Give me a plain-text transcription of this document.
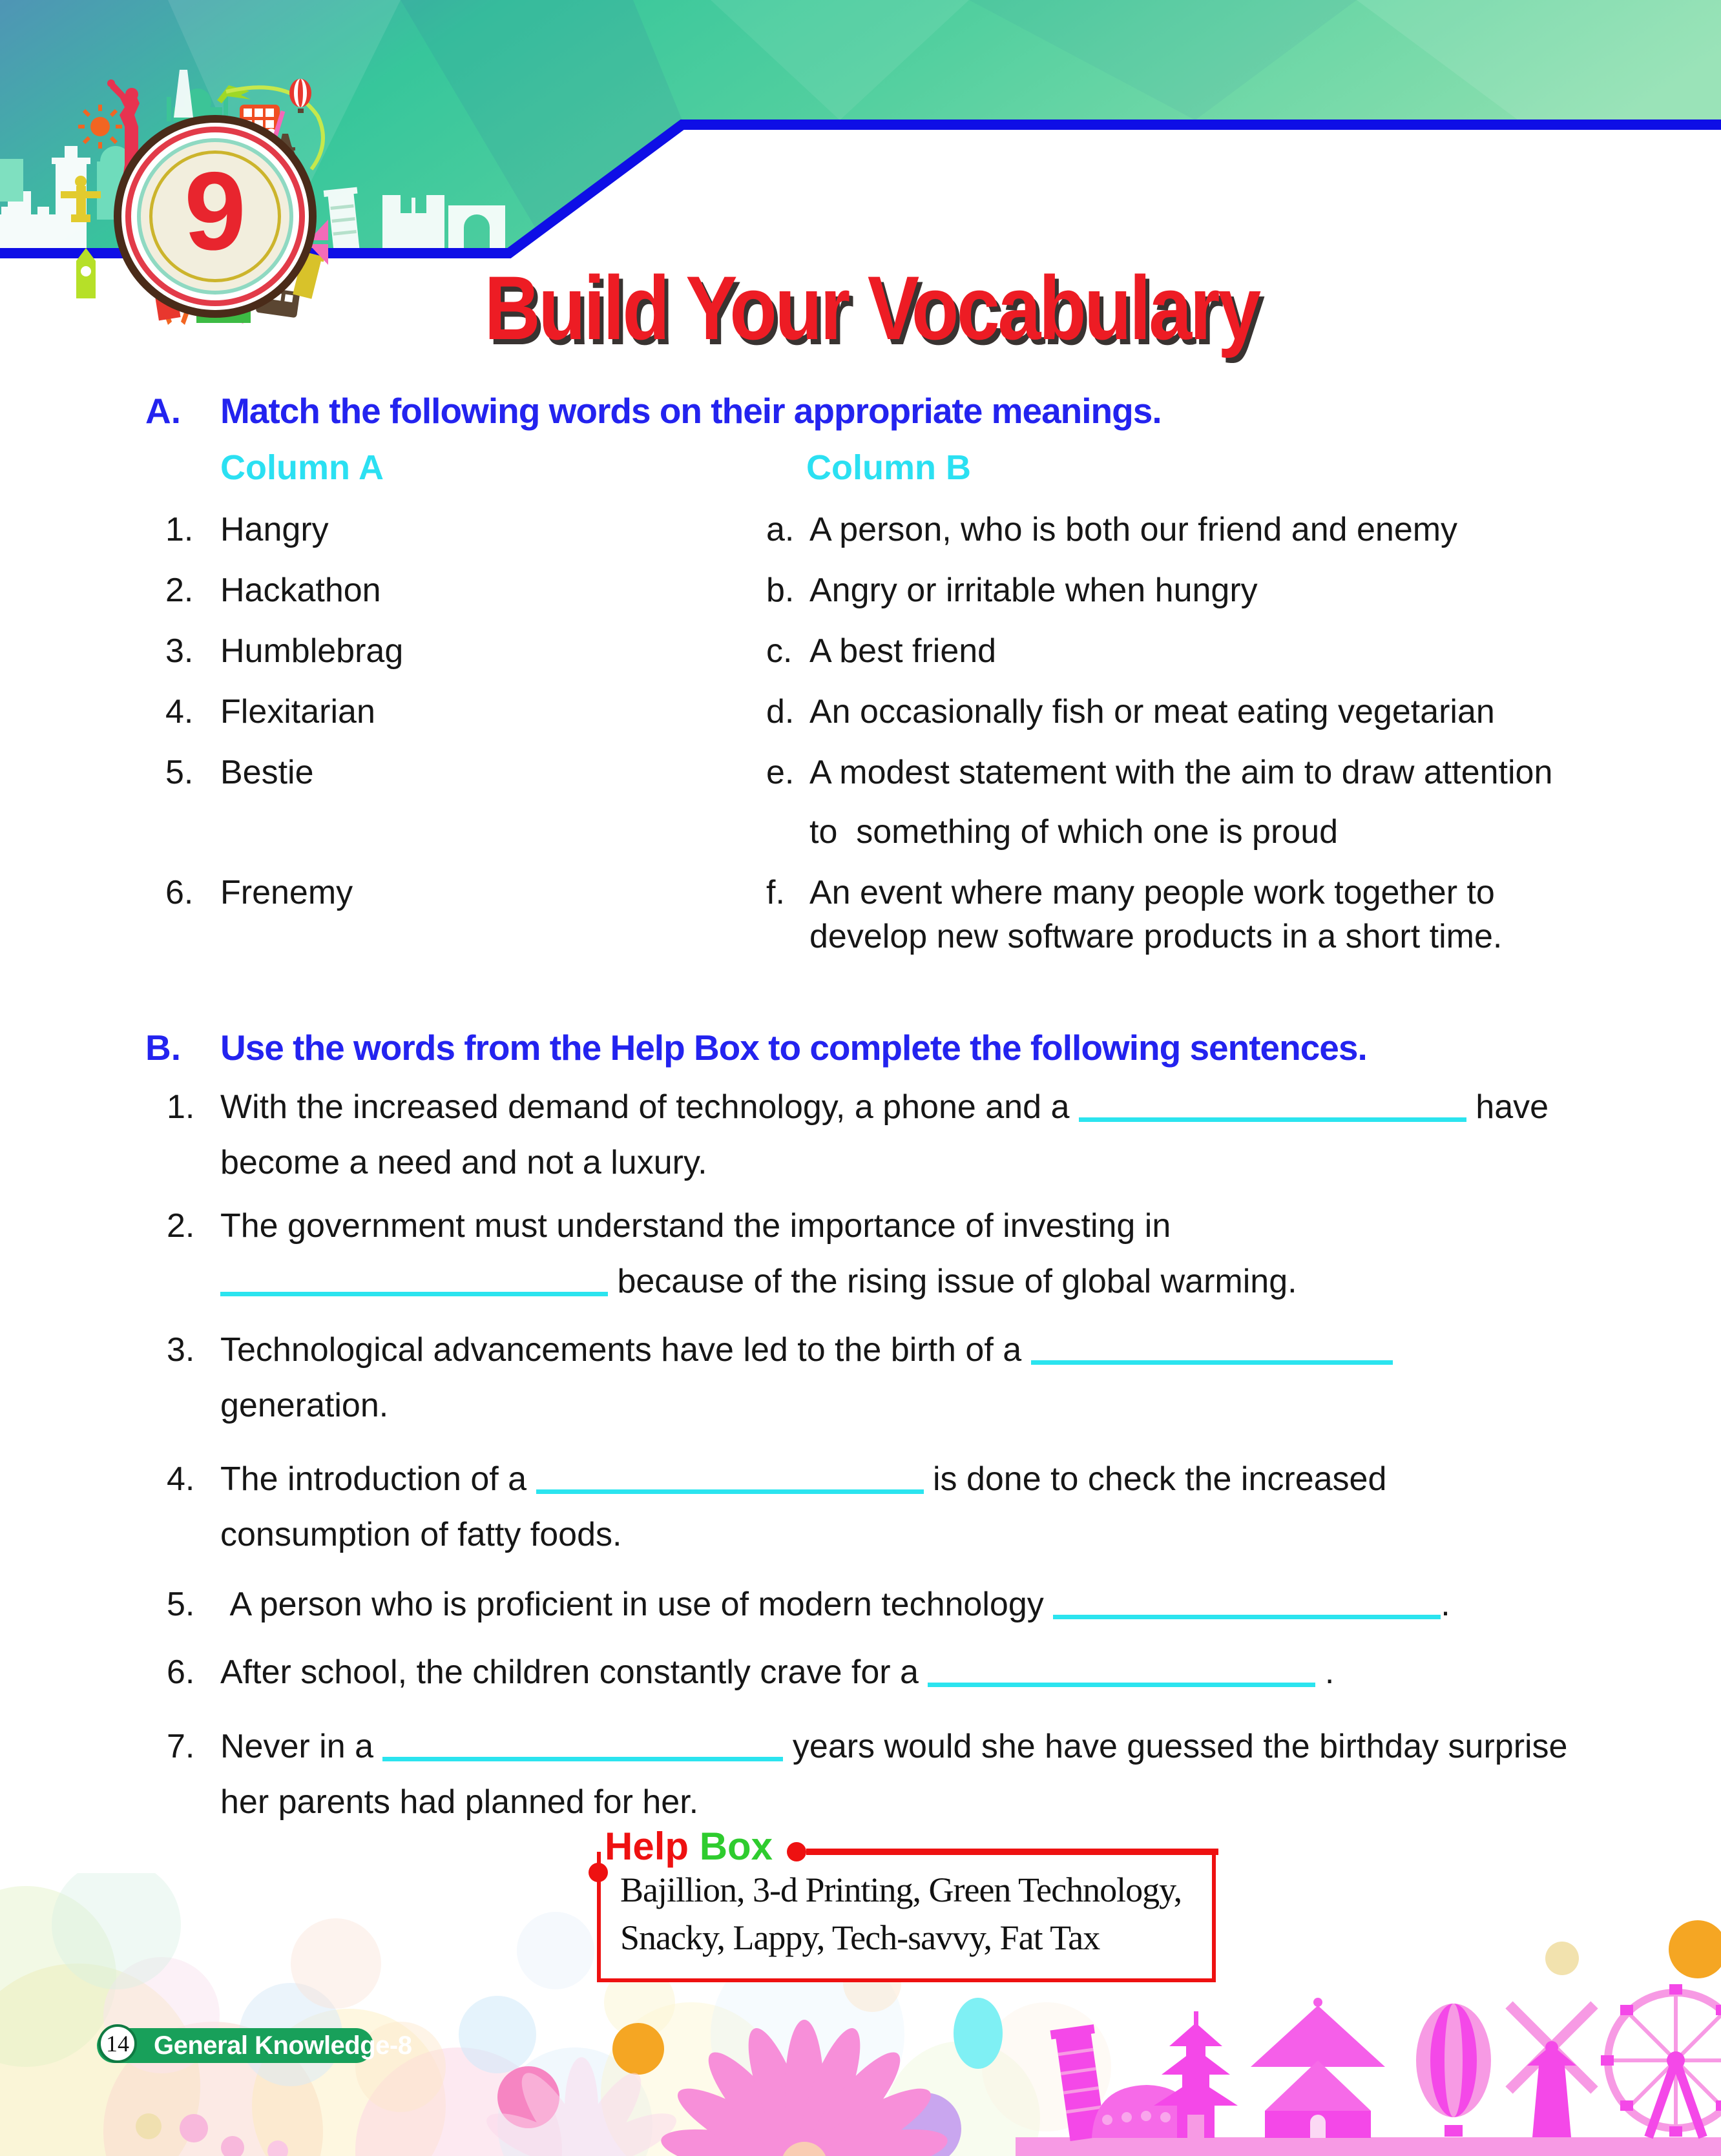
9
Build Your Vocabulary
A. Match the following words on their appropriate meanings.
Column A	Column B
1. Hangry	a. A person, who is both our friend and enemy
2. Hackathon	b. Angry or irritable when hungry
3. Humblebrag	c. A best friend
4. Flexitarian	d. An occasionally fish or meat eating vegetarian
5. Bestie	e. A modest statement with the aim to draw attention
to  something of which one is proud
6. Frenemy	f. An event where many people work together to
develop new software products in a short time.
B. Use the words from the Help Box to complete the following sentences.
1. With the increased demand of technology, a phone and a	have
become a need and not a luxury.
2. The government must understand the importance of investing in
because of the rising issue of global warming.
3. Technological advancements have led to the birth of a
generation.
4. The introduction of a	is done to check the increased
consumption of fatty foods.
5. A person who is proficient in use of modern technology	.
6. After school, the children constantly crave for a	.
7. Never in a	years would she have guessed the birthday surprise
her parents had planned for her.
Help Box
Bajillion, 3-d Printing, Green Technology,
Snacky, Lappy, Tech-savvy, Fat Tax
14 General Knowledge-8
